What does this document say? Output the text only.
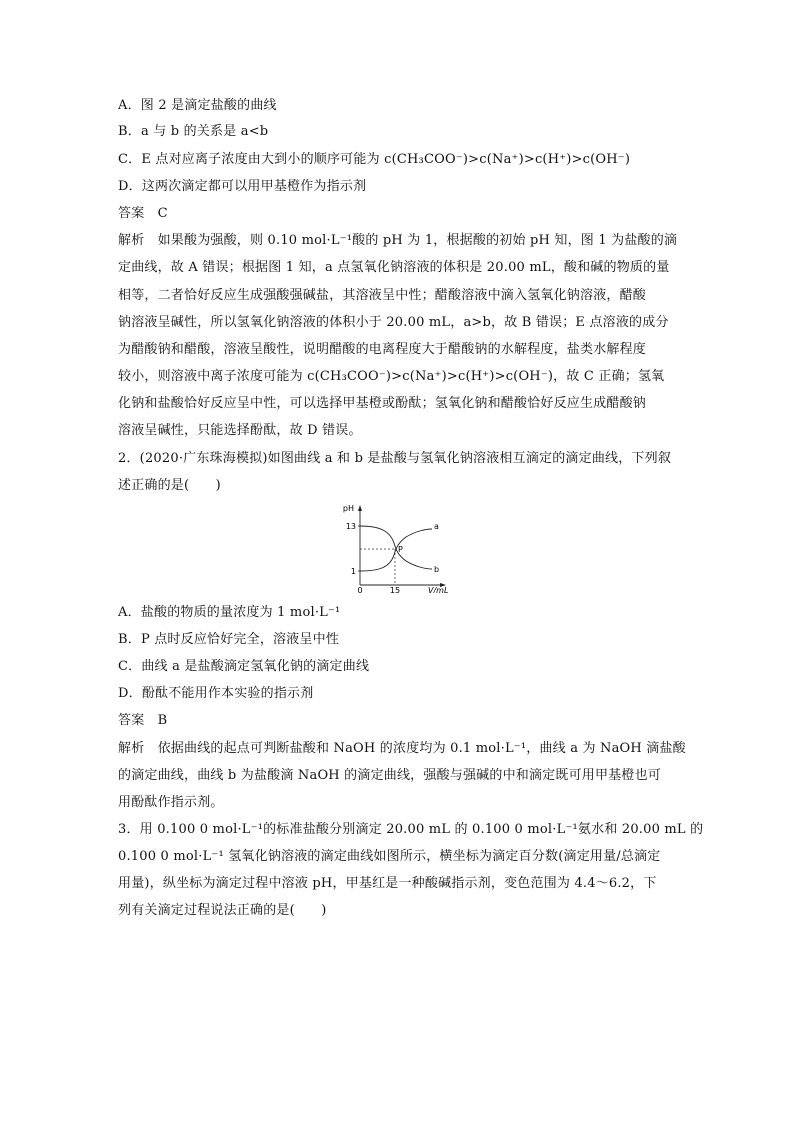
A．图 2 是滴定盐酸的曲线
B．a 与 b 的关系是 a<b
C．E 点对应离子浓度由大到小的顺序可能为 c(CH₃COO⁻)>c(Na⁺)>c(H⁺)>c(OH⁻)
D．这两次滴定都可以用甲基橙作为指示剂
答案　C
解析　如果酸为强酸，则 0.10 mol·L⁻¹酸的 pH 为 1，根据酸的初始 pH 知，图 1 为盐酸的滴
定曲线，故 A 错误；根据图 1 知，a 点氢氧化钠溶液的体积是 20.00 mL，酸和碱的物质的量
相等，二者恰好反应生成强酸强碱盐，其溶液呈中性；醋酸溶液中滴入氢氧化钠溶液，醋酸
钠溶液呈碱性，所以氢氧化钠溶液的体积小于 20.00 mL，a>b，故 B 错误；E 点溶液的成分
为醋酸钠和醋酸，溶液呈酸性，说明醋酸的电离程度大于醋酸钠的水解程度，盐类水解程度
较小，则溶液中离子浓度可能为 c(CH₃COO⁻)>c(Na⁺)>c(H⁺)>c(OH⁻)，故 C 正确；氢氧
化钠和盐酸恰好反应呈中性，可以选择甲基橙或酚酞；氢氧化钠和醋酸恰好反应生成醋酸钠
溶液呈碱性，只能选择酚酞，故 D 错误。
2．(2020·广东珠海模拟)如图曲线 a 和 b 是盐酸与氢氧化钠溶液相互滴定的滴定曲线，下列叙
述正确的是(　　)
pH
13
1
0	15	V/mL
P
a
b
A．盐酸的物质的量浓度为 1 mol·L⁻¹
B．P 点时反应恰好完全，溶液呈中性
C．曲线 a 是盐酸滴定氢氧化钠的滴定曲线
D．酚酞不能用作本实验的指示剂
答案　B
解析　依据曲线的起点可判断盐酸和 NaOH 的浓度均为 0.1 mol·L⁻¹，曲线 a 为 NaOH 滴盐酸
的滴定曲线，曲线 b 为盐酸滴 NaOH 的滴定曲线，强酸与强碱的中和滴定既可用甲基橙也可
用酚酞作指示剂。
3．用 0.100 0 mol·L⁻¹的标准盐酸分别滴定 20.00 mL 的 0.100 0 mol·L⁻¹氨水和 20.00 mL 的
0.100 0 mol·L⁻¹ 氢氧化钠溶液的滴定曲线如图所示，横坐标为滴定百分数(滴定用量/总滴定
用量)，纵坐标为滴定过程中溶液 pH，甲基红是一种酸碱指示剂，变色范围为 4.4～6.2，下
列有关滴定过程说法正确的是(　　)
